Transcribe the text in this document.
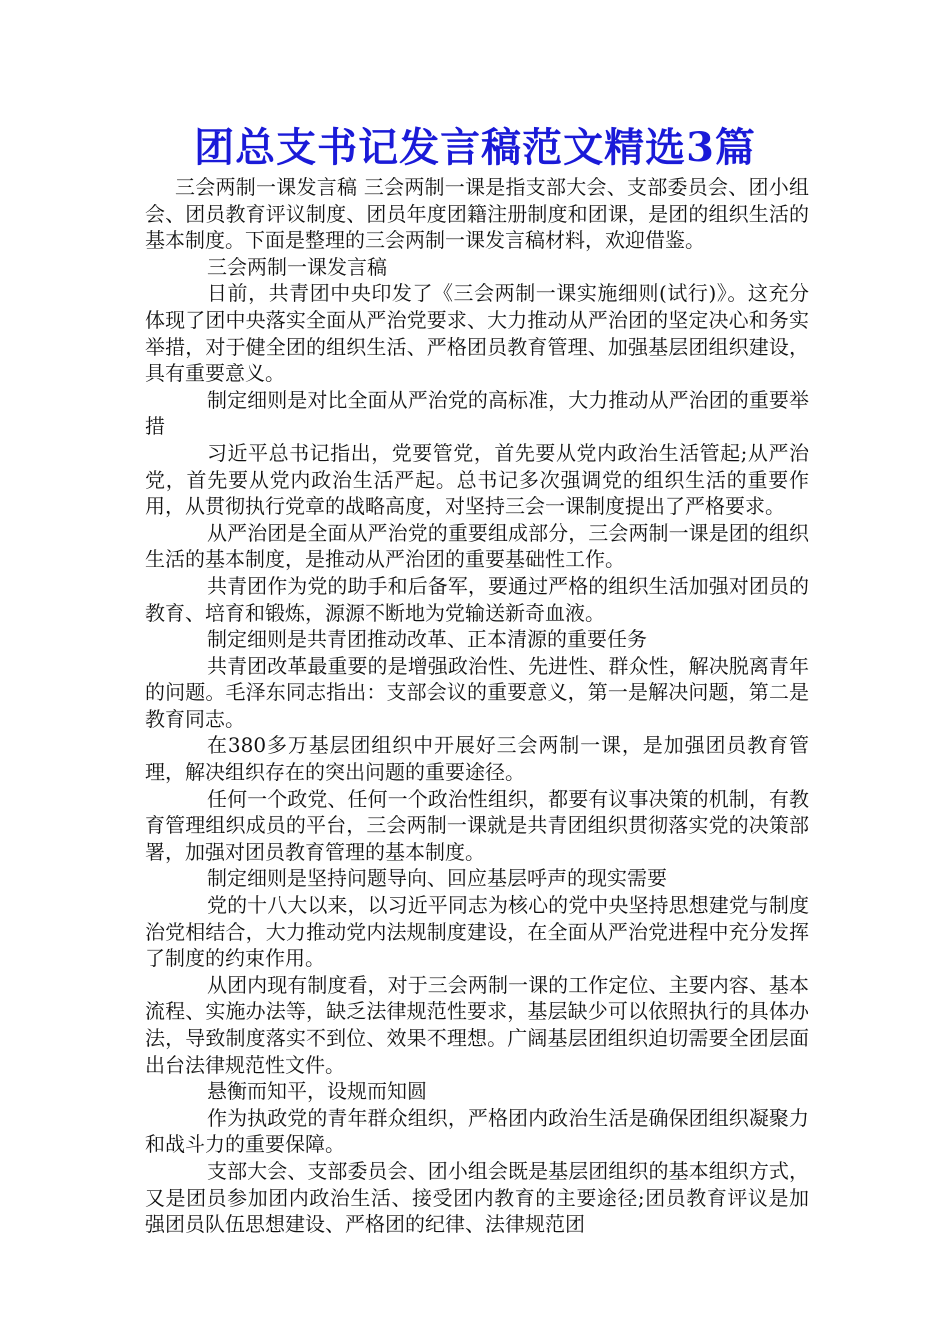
团总支书记发言稿范文精选3篇

三会两制一课发言稿 三会两制一课是指支部大会、支部委员会、团小组会、团员教育评议制度、团员年度团籍注册制度和团课，是团的组织生活的基本制度。下面是整理的三会两制一课发言稿材料，欢迎借鉴。

三会两制一课发言稿

日前，共青团中央印发了《三会两制一课实施细则(试行)》。这充分体现了团中央落实全面从严治党要求、大力推动从严治团的坚定决心和务实举措，对于健全团的组织生活、严格团员教育管理、加强基层团组织建设，具有重要意义。

制定细则是对比全面从严治党的高标准，大力推动从严治团的重要举措

习近平总书记指出，党要管党，首先要从党内政治生活管起;从严治党，首先要从党内政治生活严起。总书记多次强调党的组织生活的重要作用，从贯彻执行党章的战略高度，对坚持三会一课制度提出了严格要求。

从严治团是全面从严治党的重要组成部分，三会两制一课是团的组织生活的基本制度，是推动从严治团的重要基础性工作。

共青团作为党的助手和后备军，要通过严格的组织生活加强对团员的教育、培育和锻炼，源源不断地为党输送新奇血液。

制定细则是共青团推动改革、正本清源的重要任务

共青团改革最重要的是增强政治性、先进性、群众性，解决脱离青年的问题。毛泽东同志指出：支部会议的重要意义，第一是解决问题，第二是教育同志。

在380多万基层团组织中开展好三会两制一课，是加强团员教育管理，解决组织存在的突出问题的重要途径。

任何一个政党、任何一个政治性组织，都要有议事决策的机制，有教育管理组织成员的平台，三会两制一课就是共青团组织贯彻落实党的决策部署，加强对团员教育管理的基本制度。

制定细则是坚持问题导向、回应基层呼声的现实需要

党的十八大以来，以习近平同志为核心的党中央坚持思想建党与制度治党相结合，大力推动党内法规制度建设，在全面从严治党进程中充分发挥了制度的约束作用。

从团内现有制度看，对于三会两制一课的工作定位、主要内容、基本流程、实施办法等，缺乏法律规范性要求，基层缺少可以依照执行的具体办法，导致制度落实不到位、效果不理想。广阔基层团组织迫切需要全团层面出台法律规范性文件。

悬衡而知平，设规而知圆

作为执政党的青年群众组织，严格团内政治生活是确保团组织凝聚力和战斗力的重要保障。

支部大会、支部委员会、团小组会既是基层团组织的基本组织方式，又是团员参加团内政治生活、接受团内教育的主要途径;团员教育评议是加强团员队伍思想建设、严格团的纪律、法律规范团
